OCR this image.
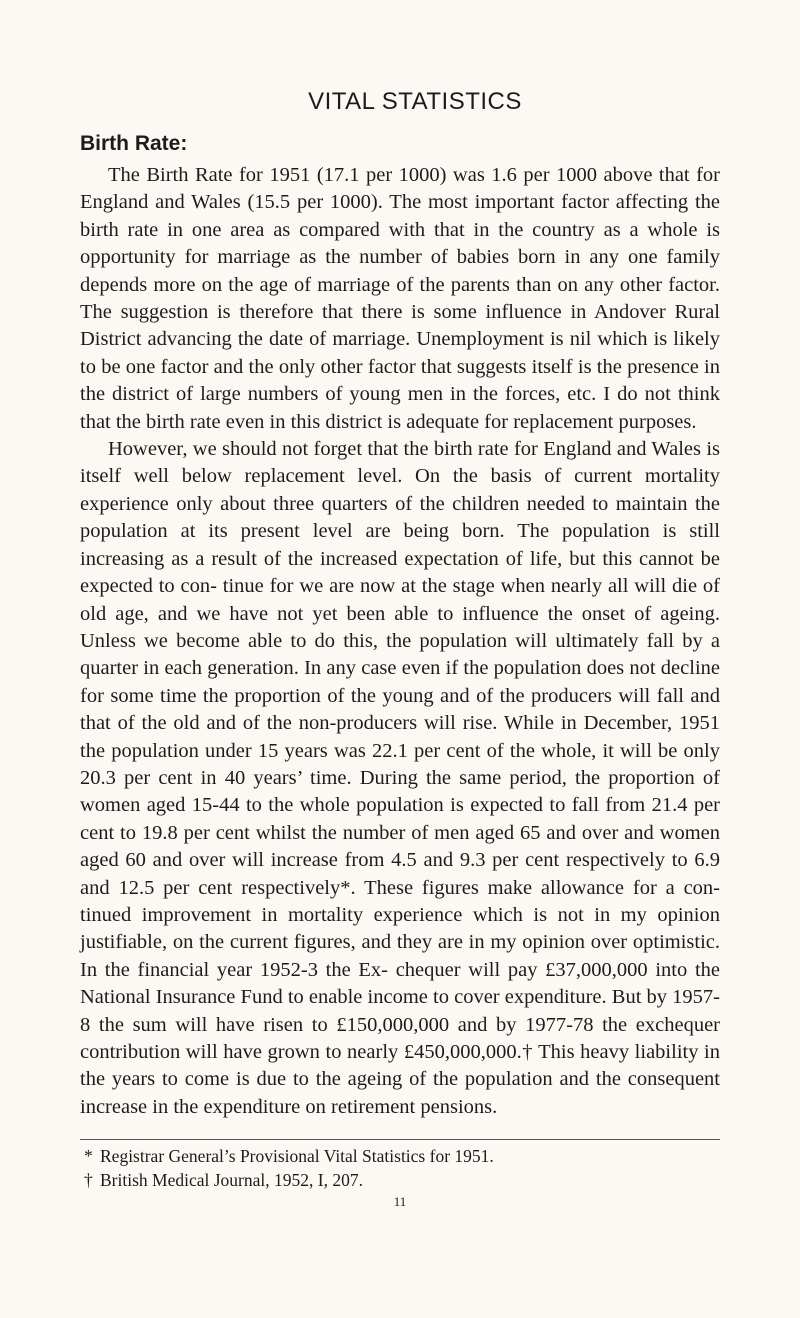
VITAL STATISTICS
Birth Rate:

The Birth Rate for 1951 (17.1 per 1000) was 1.6 per 1000 above that for England and Wales (15.5 per 1000). The most important factor affecting the birth rate in one area as compared with that in the country as a whole is opportunity for marriage as the number of babies born in any one family depends more on the age of marriage of the parents than on any other factor. The suggestion is therefore that there is some influence in Andover Rural District advancing the date of marriage. Unemployment is nil which is likely to be one factor and the only other factor that suggests itself is the presence in the district of large numbers of young men in the forces, etc. I do not think that the birth rate even in this district is adequate for replacement purposes.

However, we should not forget that the birth rate for England and Wales is itself well below replacement level. On the basis of current mortality experience only about three quarters of the children needed to maintain the population at its present level are being born. The population is still increasing as a result of the increased expectation of life, but this cannot be expected to con- tinue for we are now at the stage when nearly all will die of old age, and we have not yet been able to influence the onset of ageing. Unless we become able to do this, the population will ultimately fall by a quarter in each generation. In any case even if the population does not decline for some time the proportion of the young and of the producers will fall and that of the old and of the non-producers will rise. While in December, 1951 the population under 15 years was 22.1 per cent of the whole, it will be only 20.3 per cent in 40 years’ time. During the same period, the proportion of women aged 15-44 to the whole population is expected to fall from 21.4 per cent to 19.8 per cent whilst the number of men aged 65 and over and women aged 60 and over will increase from 4.5 and 9.3 per cent respectively to 6.9 and 12.5 per cent respectively*. These figures make allowance for a con- tinued improvement in mortality experience which is not in my opinion justifiable, on the current figures, and they are in my opinion over optimistic. In the financial year 1952-3 the Ex- chequer will pay £37,000,000 into the National Insurance Fund to enable income to cover expenditure. But by 1957-8 the sum will have risen to £150,000,000 and by 1977-78 the exchequer contribution will have grown to nearly £450,000,000.† This heavy liability in the years to come is due to the ageing of the population and the consequent increase in the expenditure on retirement pensions.

* Registrar General’s Provisional Vital Statistics for 1951.
† British Medical Journal, 1952, I, 207.
11
